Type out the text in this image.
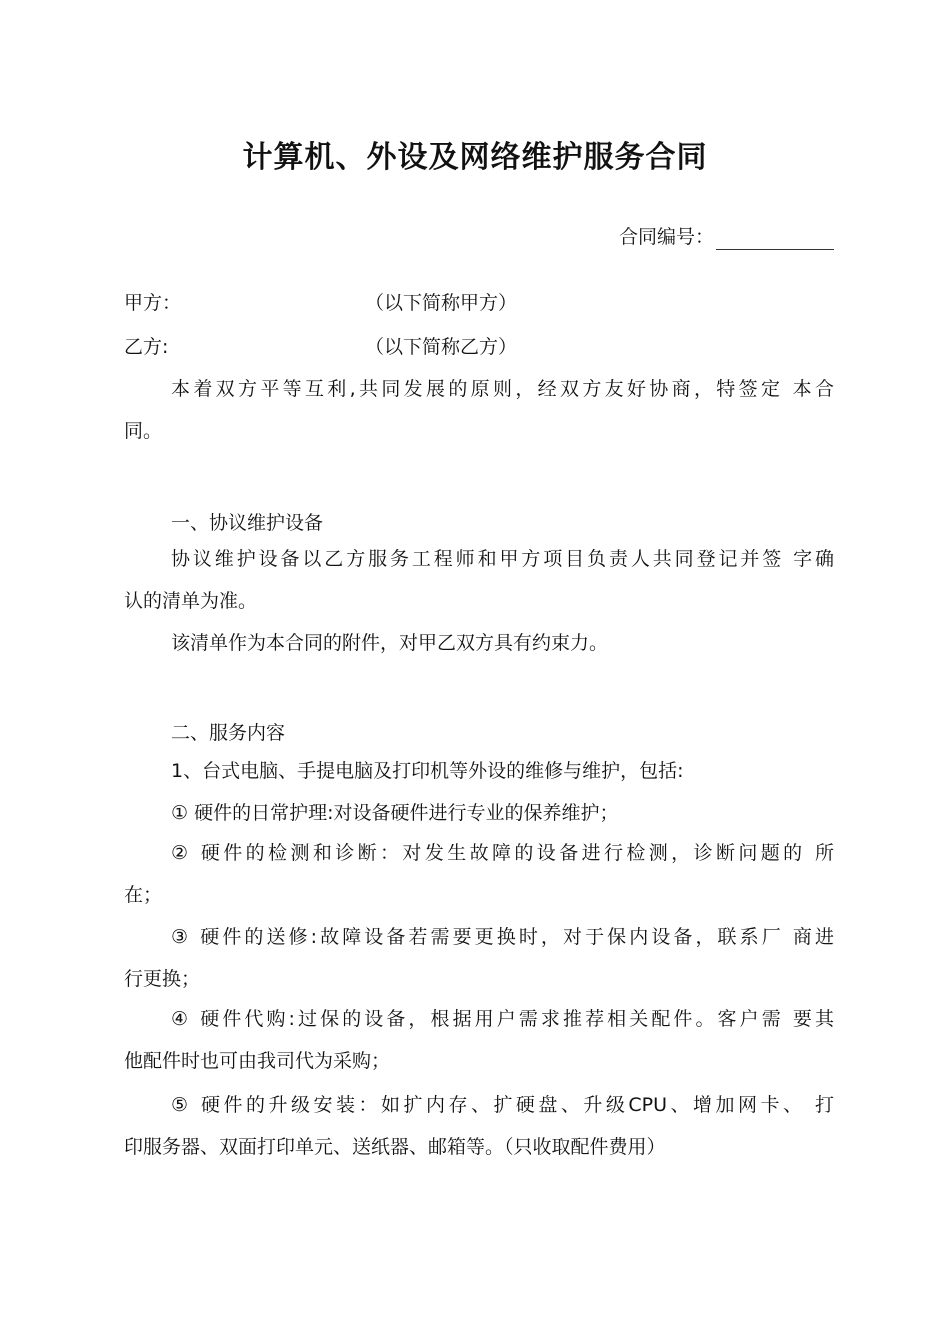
计算机、外设及网络维护服务合同
合同编号：
甲方：	（以下简称甲方）
乙方:	（以下简称乙方）
本着双方平等互利,共同发展的原则，经双方友好协商，特签定 本合
同。
一、协议维护设备
协议维护设备以乙方服务工程师和甲方项目负责人共同登记并签 字确
认的清单为准。
该清单作为本合同的附件，对甲乙双方具有约束力。
二、服务内容
1、台式电脑、手提电脑及打印机等外设的维修与维护，包括:
① 硬件的日常护理:对设备硬件进行专业的保养维护；
② 硬件的检测和诊断：对发生故障的设备进行检测，诊断问题的 所
在；
③ 硬件的送修:故障设备若需要更换时，对于保内设备，联系厂 商进
行更换；
④ 硬件代购:过保的设备，根据用户需求推荐相关配件。客户需 要其
他配件时也可由我司代为采购；
⑤ 硬件的升级安装：如扩内存、扩硬盘、升级CPU、增加网卡、 打
印服务器、双面打印单元、送纸器、邮箱等。（只收取配件费用）
